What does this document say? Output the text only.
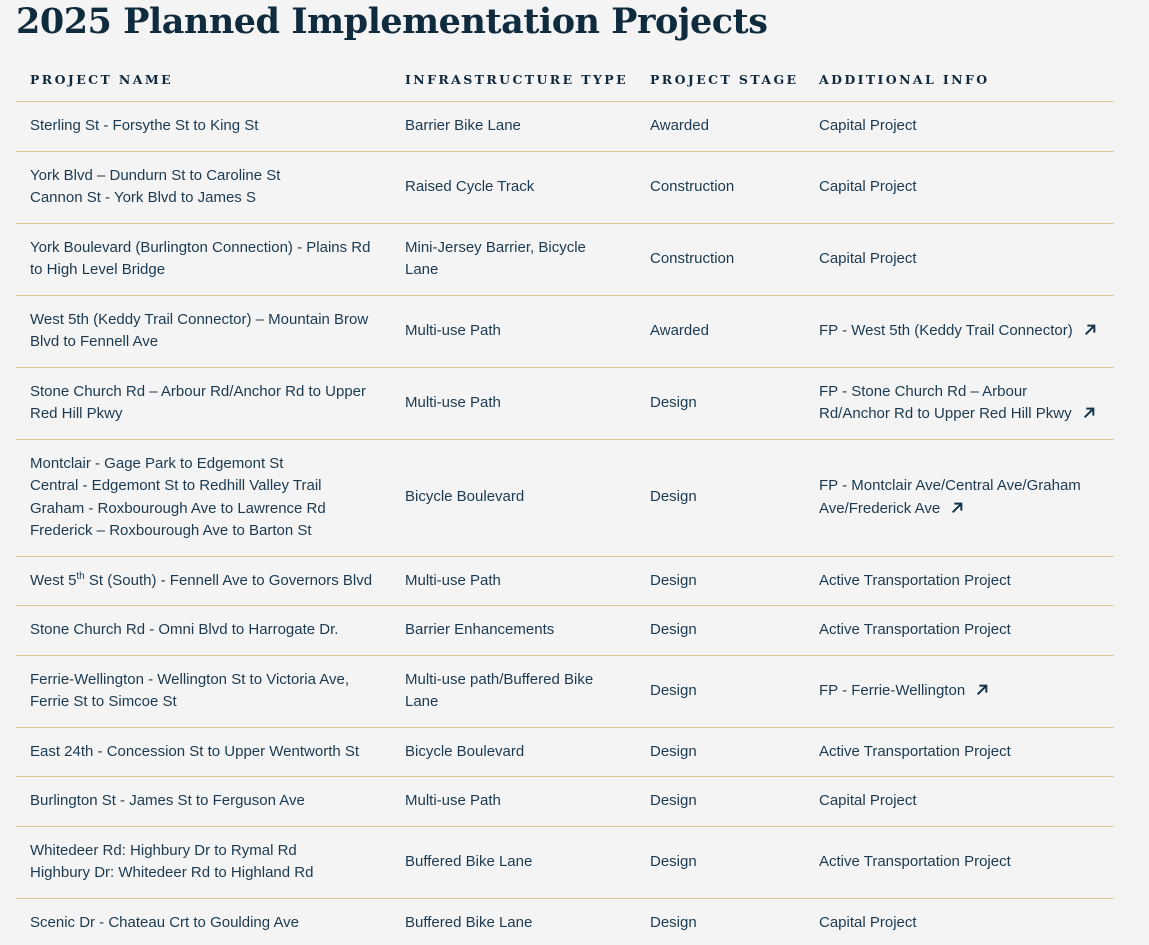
2025 Planned Implementation Projects
PROJECT NAME	INFRASTRUCTURE TYPE	PROJECT STAGE	ADDITIONAL INFO

Sterling St - Forsythe St to King St	Barrier Bike Lane	Awarded	Capital Project

York Blvd – Dundurn St to Caroline St
Cannon St - York Blvd to James S	Raised Cycle Track	Construction	Capital Project

York Boulevard (Burlington Connection) - Plains Rd to High Level Bridge	Mini-Jersey Barrier, Bicycle Lane	Construction	Capital Project

West 5th (Keddy Trail Connector) – Mountain Brow Blvd to Fennell Ave	Multi-use Path	Awarded	FP - West 5th (Keddy Trail Connector)

Stone Church Rd – Arbour Rd/Anchor Rd to Upper Red Hill Pkwy	Multi-use Path	Design	FP - Stone Church Rd – Arbour Rd/Anchor Rd to Upper Red Hill Pkwy

Montclair - Gage Park to Edgemont St
Central - Edgemont St to Redhill Valley Trail
Graham - Roxbourough Ave to Lawrence Rd
Frederick – Roxbourough Ave to Barton St	Bicycle Boulevard	Design	FP - Montclair Ave/Central Ave/Graham Ave/Frederick Ave

West 5th St (South) - Fennell Ave to Governors Blvd	Multi-use Path	Design	Active Transportation Project

Stone Church Rd - Omni Blvd to Harrogate Dr.	Barrier Enhancements	Design	Active Transportation Project

Ferrie-Wellington - Wellington St to Victoria Ave, Ferrie St to Simcoe St	Multi-use path/Buffered Bike Lane	Design	FP - Ferrie-Wellington

East 24th - Concession St to Upper Wentworth St	Bicycle Boulevard	Design	Active Transportation Project

Burlington St - James St to Ferguson Ave	Multi-use Path	Design	Capital Project

Whitedeer Rd: Highbury Dr to Rymal Rd
Highbury Dr: Whitedeer Rd to Highland Rd	Buffered Bike Lane	Design	Active Transportation Project

Scenic Dr - Chateau Crt to Goulding Ave	Buffered Bike Lane	Design	Capital Project
